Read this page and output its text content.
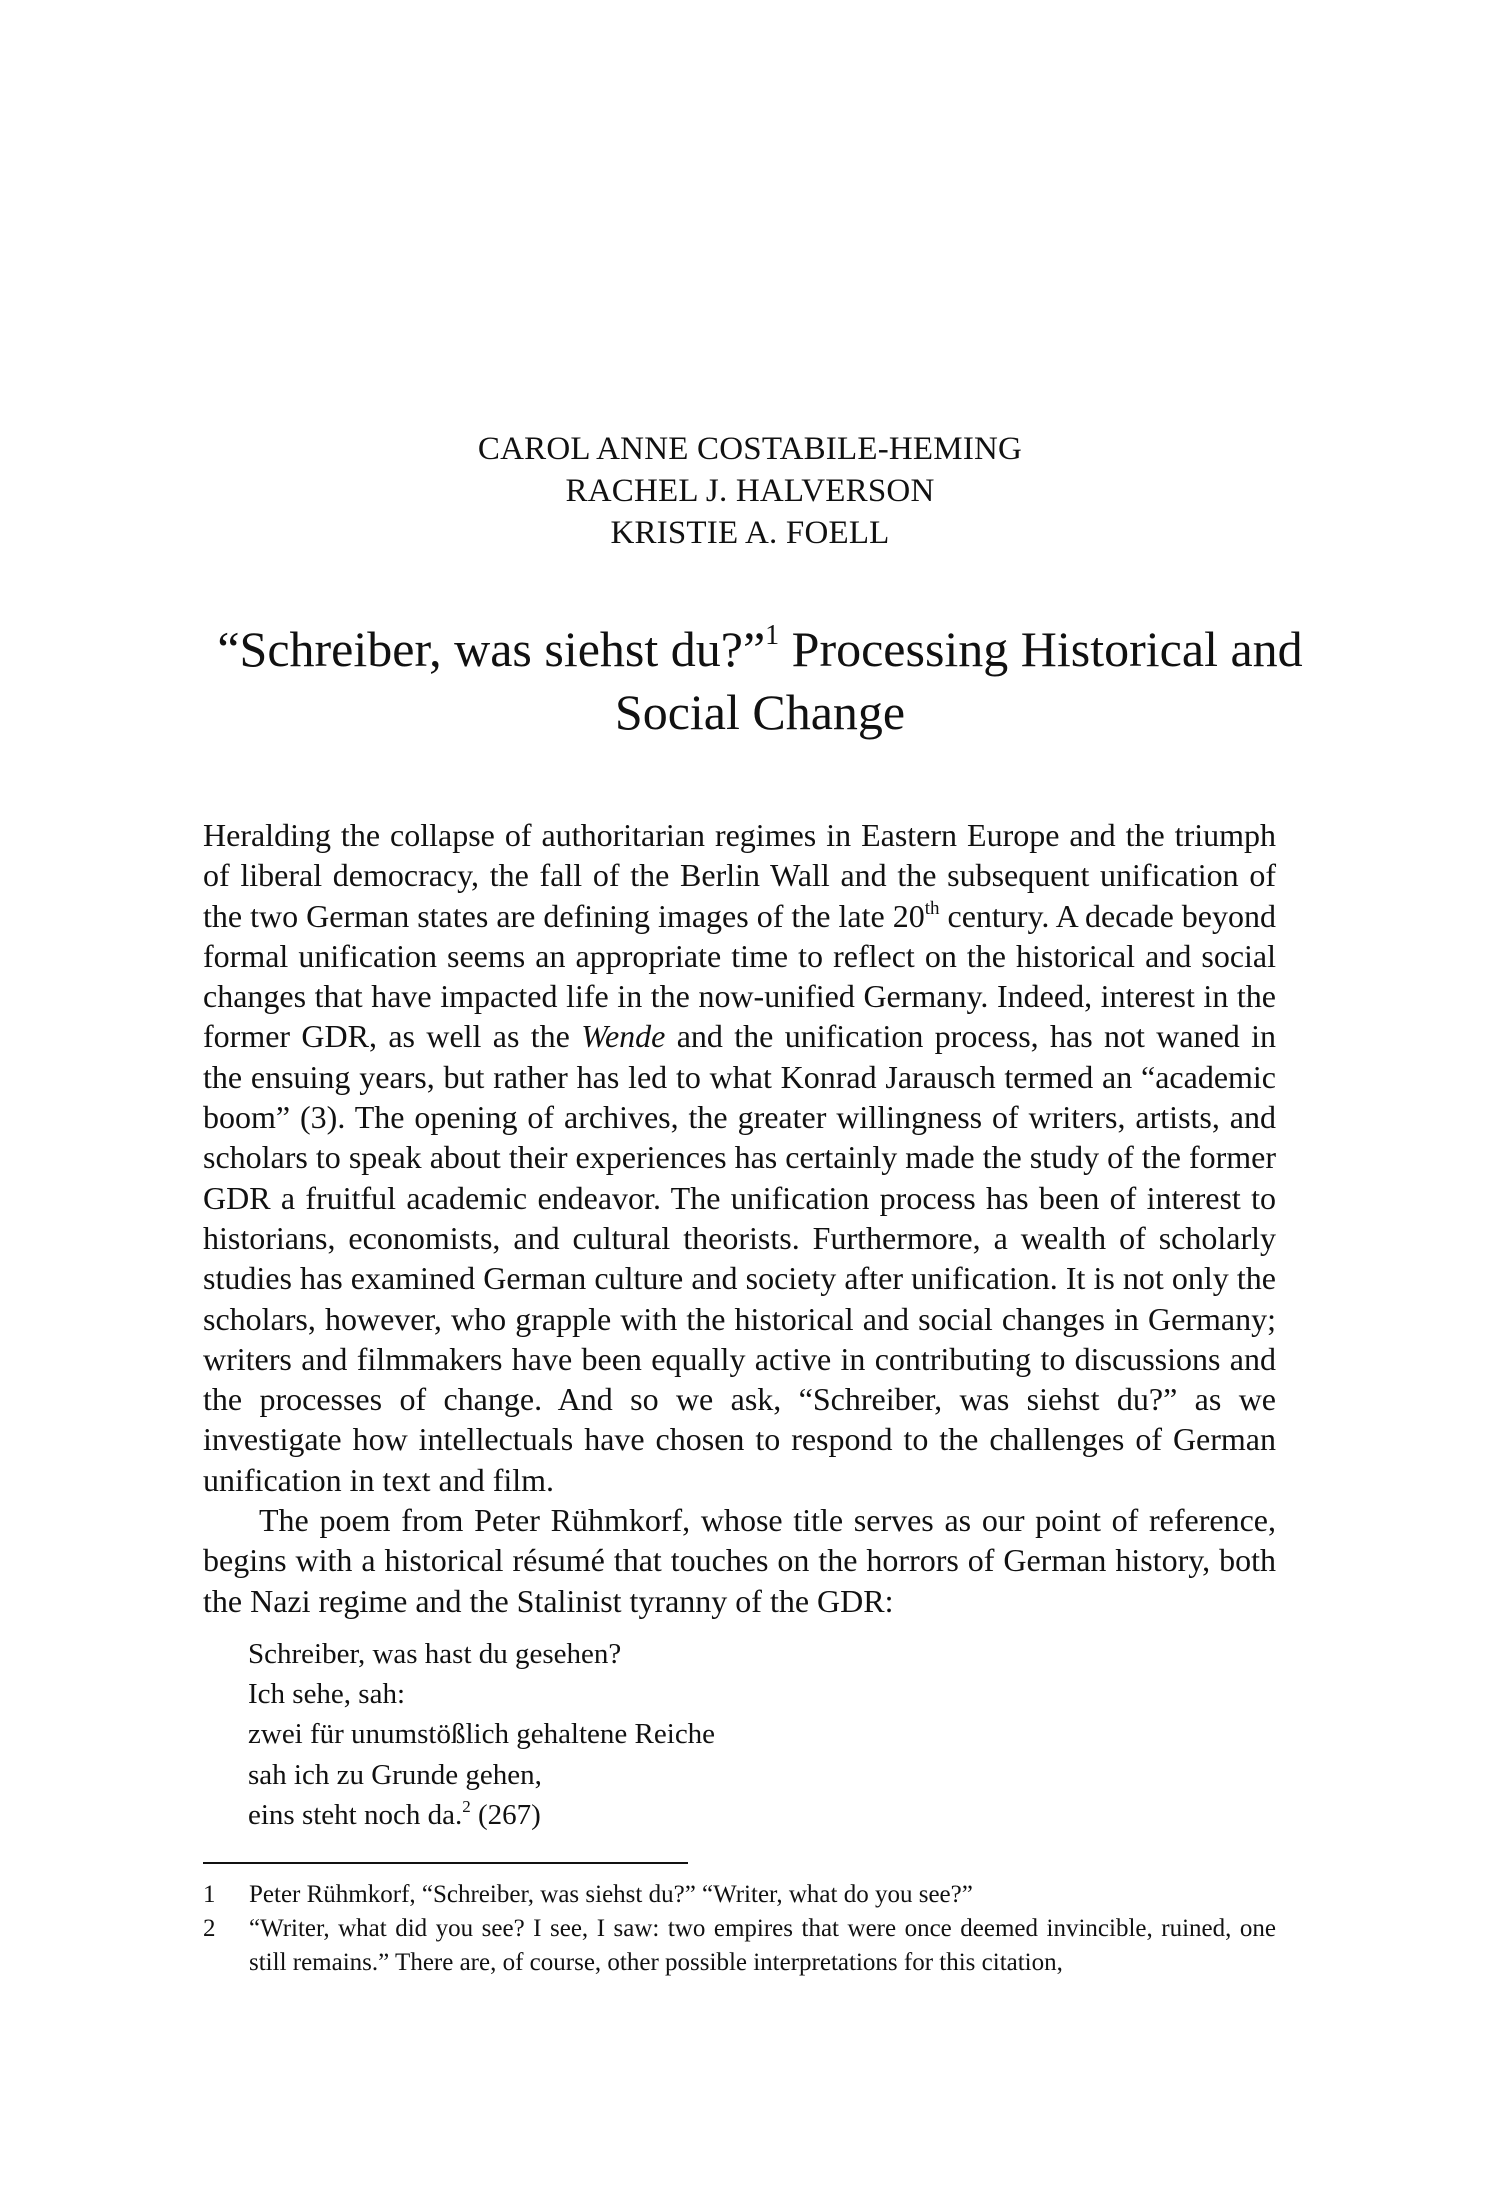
CAROL ANNE COSTABILE-HEMING
RACHEL J. HALVERSON
KRISTIE A. FOELL
“Schreiber, was siehst du?”$^1$ Processing Historical and
Social Change

Heralding the collapse of authoritarian regimes in Eastern Europe and the triumph of liberal democracy, the fall of the Berlin Wall and the subsequent unification of the two German states are defining images of the late 20th century. A decade beyond formal unification seems an appropriate time to reflect on the historical and social changes that have impacted life in the now-unified Germany. Indeed, interest in the former GDR, as well as the Wende and the unification process, has not waned in the ensuing years, but rather has led to what Konrad Jarausch termed an “academic boom” (3). The opening of archives, the greater willingness of writers, artists, and scholars to speak about their experiences has certainly made the study of the former GDR a fruitful academic endeavor. The unification process has been of interest to historians, economists, and cultural theorists. Furthermore, a wealth of scholarly studies has examined German culture and society after unification. It is not only the scholars, however, who grapple with the historical and social changes in Germany; writers and filmmakers have been equally active in contributing to discussions and the processes of change. And so we ask, “Schreiber, was siehst du?” as we investigate how intellectuals have chosen to respond to the challenges of German unification in text and film.

The poem from Peter Rühmkorf, whose title serves as our point of reference, begins with a historical résumé that touches on the horrors of German history, both the Nazi regime and the Stalinist tyranny of the GDR:

Schreiber, was hast du gesehen?
Ich sehe, sah:
zwei für unumstößlich gehaltene Reiche
sah ich zu Grunde gehen,
eins steht noch da.$^2$ (267)
1	Peter Rühmkorf, “Schreiber, was siehst du?” “Writer, what do you see?”
2	“Writer, what did you see? I see, I saw: two empires that were once deemed invincible, ruined, one still remains.” There are, of course, other possible interpretations for this citation,
